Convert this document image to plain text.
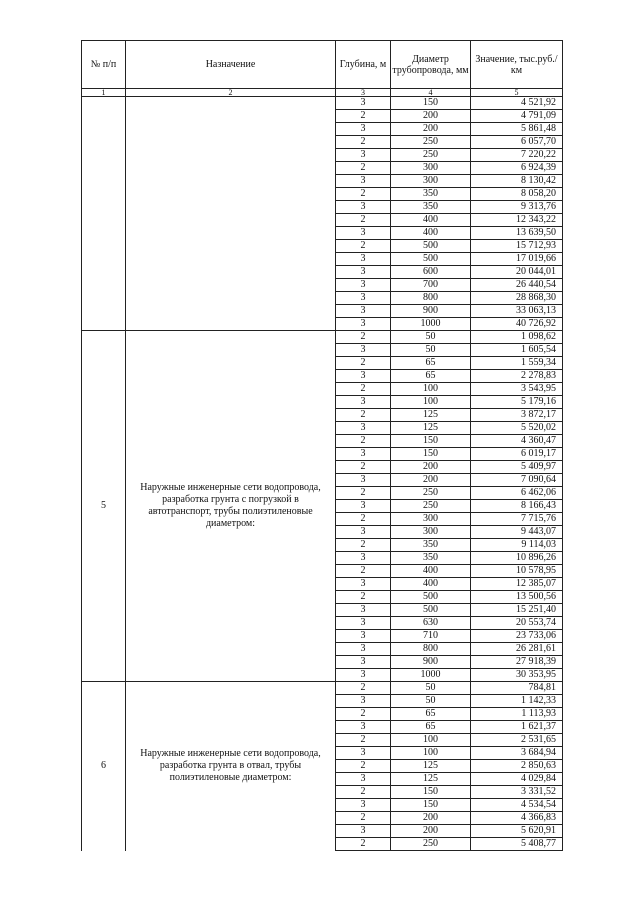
№ п/п	Назначение	Глубина, м	Диаметр трубопровода, мм	Значение, тыс.руб./км
1	2	3	4	5
		3	150	4 521,92
		2	200	4 791,09
		3	200	5 861,48
		2	250	6 057,70
		3	250	7 220,22
		2	300	6 924,39
		3	300	8 130,42
		2	350	8 058,20
		3	350	9 313,76
		2	400	12 343,22
		3	400	13 639,50
		2	500	15 712,93
		3	500	17 019,66
		3	600	20 044,01
		3	700	26 440,54
		3	800	28 868,30
		3	900	33 063,13
		3	1000	40 726,92
5	Наружные инженерные сети водопровода, разработка грунта с погрузкой в автотранспорт, трубы полиэтиленовые диаметром:	2	50	1 098,62
		3	50	1 605,54
		2	65	1 559,34
		3	65	2 278,83
		2	100	3 543,95
		3	100	5 179,16
		2	125	3 872,17
		3	125	5 520,02
		2	150	4 360,47
		3	150	6 019,17
		2	200	5 409,97
		3	200	7 090,64
		2	250	6 462,06
		3	250	8 166,43
		2	300	7 715,76
		3	300	9 443,07
		2	350	9 114,03
		3	350	10 896,26
		2	400	10 578,95
		3	400	12 385,07
		2	500	13 500,56
		3	500	15 251,40
		3	630	20 553,74
		3	710	23 733,06
		3	800	26 281,61
		3	900	27 918,39
		3	1000	30 353,95
6	Наружные инженерные сети водопровода, разработка грунта в отвал, трубы полиэтиленовые диаметром:	2	50	784,81
		3	50	1 142,33
		2	65	1 113,93
		3	65	1 621,37
		2	100	2 531,65
		3	100	3 684,94
		2	125	2 850,63
		3	125	4 029,84
		2	150	3 331,52
		3	150	4 534,54
		2	200	4 366,83
		3	200	5 620,91
		2	250	5 408,77
